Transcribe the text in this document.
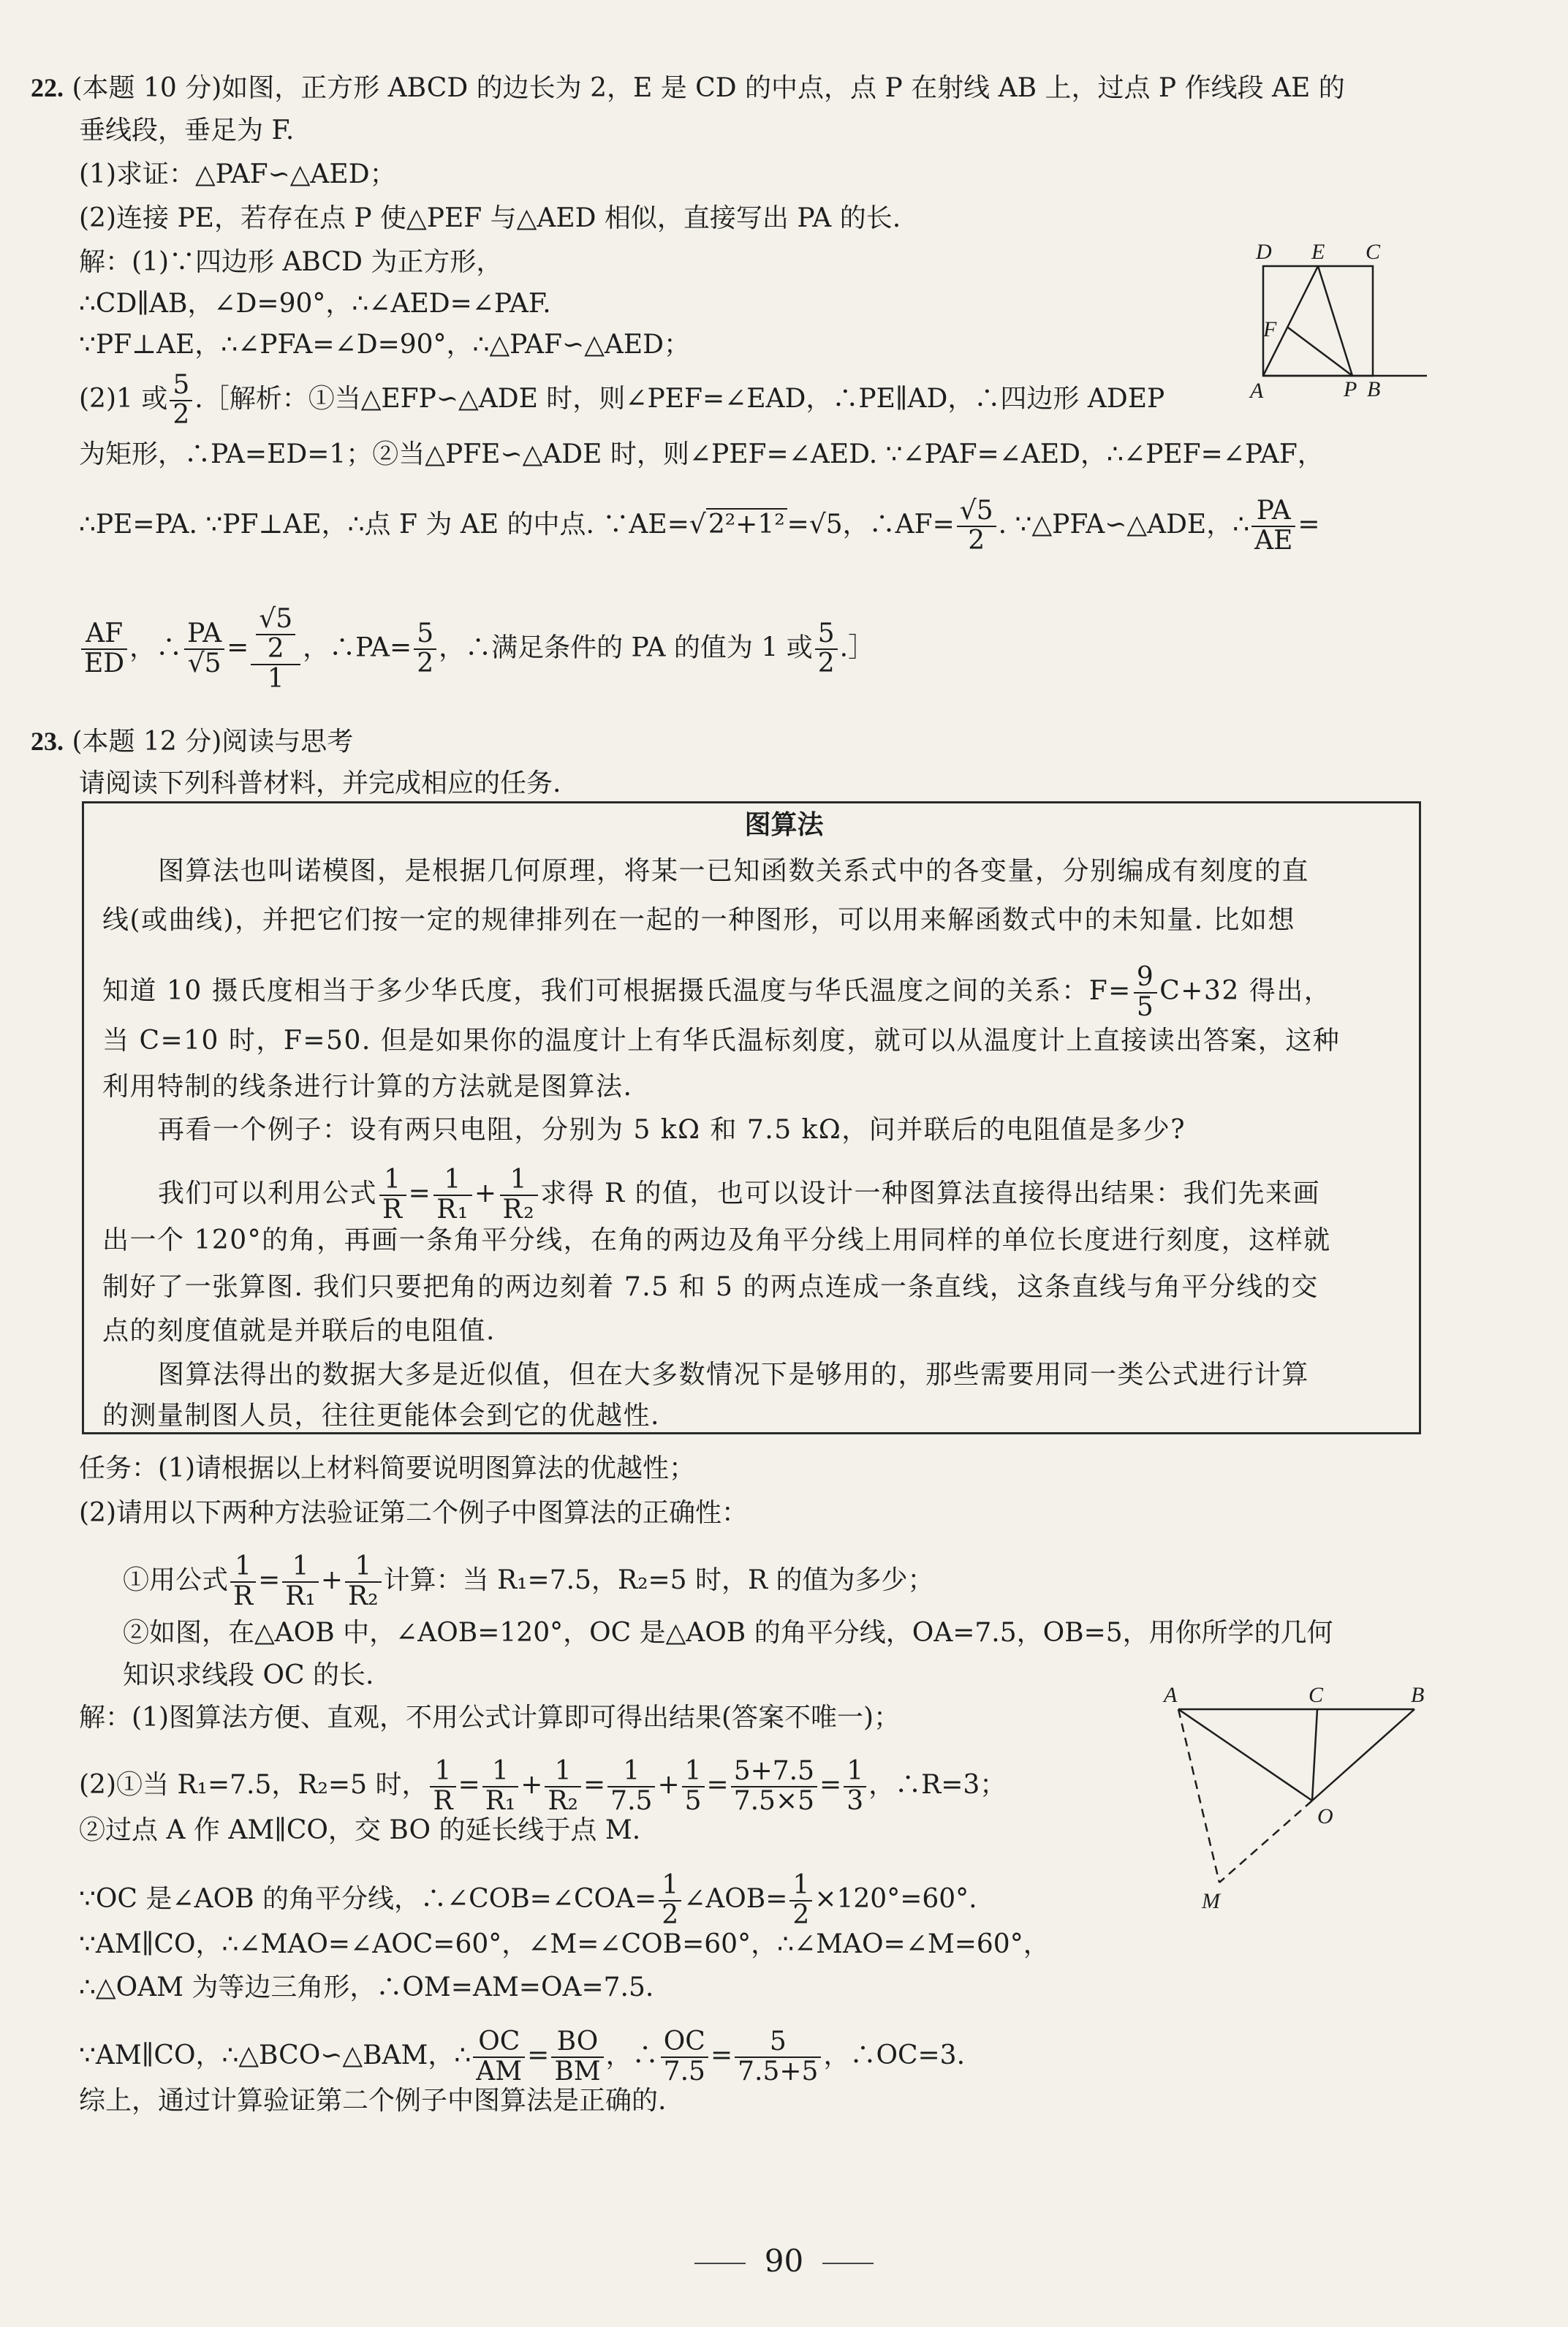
22. (本题 10 分)如图，正方形 ABCD 的边长为 2，E 是 CD 的中点，点 P 在射线 AB 上，过点 P 作线段 AE 的
垂线段，垂足为 F.
(1)求证：△PAF∽△AED；
(2)连接 PE，若存在点 P 使△PEF 与△AED 相似，直接写出 PA 的长.
解：(1)∵四边形 ABCD 为正方形，
∴CD∥AB，∠D=90°，∴∠AED=∠PAF.
∵PF⊥AE，∴∠PFA=∠D=90°，∴△PAF∽△AED；
(2)1 或 $\frac{5}{2}$ .［解析：①当△EFP∽△ADE 时，则∠PEF=∠EAD，∴PE∥AD，∴四边形 ADEP
为矩形，∴PA=ED=1；②当△PFE∽△ADE 时，则∠PEF=∠AED. ∵∠PAF=∠AED，∴∠PEF=∠PAF，
∴PE=PA. ∵PF⊥AE，∴点 F 为 AE 的中点. ∵AE=√2²+1²=√5，∴AF= $\frac{√5}{2}$ . ∵△PFA∽△ADE，∴ $\frac{PA}{AE}$ =
$\frac{AF}{ED}$ ，∴ $\frac{PA}{√5} = \frac{\frac{√5}{2}}{1}$ ，∴PA= $\frac{5}{2}$ ，∴满足条件的 PA 的值为 1 或 $\frac{5}{2}$ .］
D E C
F
A	P B
23. (本题 12 分)阅读与思考
请阅读下列科普材料，并完成相应的任务.
图算法
图算法也叫诺模图，是根据几何原理，将某一已知函数关系式中的各变量，分别编成有刻度的直
线(或曲线)，并把它们按一定的规律排列在一起的一种图形，可以用来解函数式中的未知量. 比如想
知道 10 摄氏度相当于多少华氏度，我们可根据摄氏温度与华氏温度之间的关系：$F= \frac{9}{5} C+32$ 得出，
当 C=10 时，F=50. 但是如果你的温度计上有华氏温标刻度，就可以从温度计上直接读出答案，这种
利用特制的线条进行计算的方法就是图算法.
再看一个例子：设有两只电阻，分别为 5 kΩ 和 7.5 kΩ，问并联后的电阻值是多少?
我们可以利用公式 $\frac{1}{R} = \frac{1}{\text{R₁}} + \frac{1}{\text{R₂}}$ 求得 R 的值，也可以设计一种图算法直接得出结果：我们先来画
出一个 120°的角，再画一条角平分线，在角的两边及角平分线上用同样的单位长度进行刻度，这样就
制好了一张算图. 我们只要把角的两边刻着 7.5 和 5 的两点连成一条直线，这条直线与角平分线的交
点的刻度值就是并联后的电阻值.
图算法得出的数据大多是近似值，但在大多数情况下是够用的，那些需要用同一类公式进行计算
的测量制图人员，往往更能体会到它的优越性.
任务：(1)请根据以上材料简要说明图算法的优越性；
(2)请用以下两种方法验证第二个例子中图算法的正确性：
①用公式 $\frac{1}{R} = \frac{1}{\text{R₁}} + \frac{1}{\text{R₂}}$ 计算：当 R₁=7.5，R₂=5 时，R 的值为多少；
②如图，在△AOB 中，∠AOB=120°，OC 是△AOB 的角平分线，OA=7.5，OB=5，用你所学的几何
知识求线段 OC 的长.
解：(1)图算法方便、直观，不用公式计算即可得出结果(答案不唯一)；
(2)①当 R₁=7.5，R₂=5 时， $\frac{1}{R} = \frac{1}{\text{R₁}} + \frac{1}{\text{R₂}} = \frac{1}{7.5} + \frac{1}{5} = \frac{5+7.5}{7.5\times 5} = \frac{1}{3}$ ，∴R=3；
②过点 A 作 AM∥CO，交 BO 的延长线于点 M.
∵OC 是∠AOB 的角平分线，∴∠COB=∠COA= $\frac{1}{2}$ ∠AOB= $\frac{1}{2} \times 120^\circ=60^\circ$.
∵AM∥CO，∴∠MAO=∠AOC=60°，∠M=∠COB=60°，∴∠MAO=∠M=60°，
∴△OAM 为等边三角形，∴OM=AM=OA=7.5.
∵AM∥CO，∴△BCO∽△BAM，∴ $\frac{OC}{AM} = \frac{BO}{BM}$ ，∴ $\frac{OC}{7.5} = \frac{5}{7.5+5}$ ，∴OC=3.
综上，通过计算验证第二个例子中图算法是正确的.
A	C	B
O
M
90
